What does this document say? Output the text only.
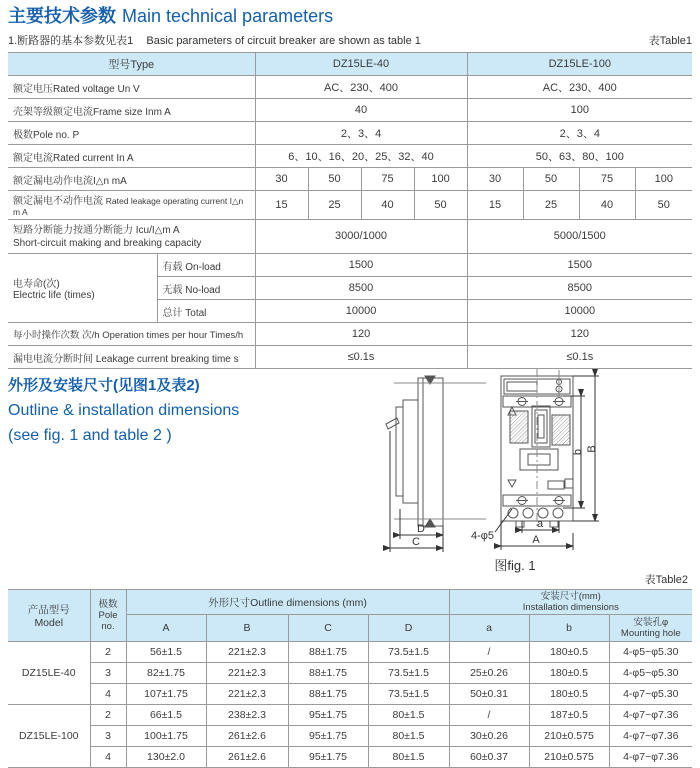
主要技术参数 Main technical parameters
1.断路器的基本参数见表1 Basic parameters of circuit breaker are shown as table 1	表Table1
型号Type		DZ15LE-40				DZ15LE-100			
额定电压Rated voltage Un V		AC、230、400				AC、230、400			
壳架等级额定电流Frame size Inm A		40				100			
极数Pole no. P		2、3、4				2、3、4			
额定电流Rated current In A		6、10、16、20、25、32、40				50、63、80、100			
额定漏电动作电流I△n mA		30	50	75	100	30	50	75	100
额定漏电不动作电流 Rated leakage operating current I△n m A		15	25	40	50	15	25	40	50
短路分断能力按通分断能力 Icu/I△m A
Short-circuit making and breaking capacity		3000/1000				5000/1500			
电寿命(次)
Electric life (times)	有载 On-load	1500				1500			
	无载 No-load	8500				8500			
	总计 Total	10000				10000			
每小时操作次数 次/h Operation times per hour Times/h		120				120			
漏电电流分断时间 Leakage current breaking time s		≤0.1s				≤0.1s			
外形及安装尺寸(见图1及表2)
Outline & installation dimensions
(see fig. 1 and table 2 )
D
C
b B
a
A
4-φ5
图fig. 1
表Table2
产品型号
Model	极数
Pole no.	外形尺寸Outline dimensions (mm)				安装尺寸(mm)
Installation dimensions		
		A	B	C	D	a	b	安装孔φ
Mounting hole
DZ15LE-40	2	56±1.5	221±2.3	88±1.75	73.5±1.5	/	180±0.5	4-φ5~φ5.30
	3	82±1.75	221±2.3	88±1.75	73.5±1.5	25±0.26	180±0.5	4-φ5~φ5.30
	4	107±1.75	221±2.3	88±1.75	73.5±1.5	50±0.31	180±0.5	4-φ7~φ5.30
DZ15LE-100	2	66±1.5	238±2.3	95±1.75	80±1.5	/	187±0.5	4-φ7~φ7.36
	3	100±1.75	261±2.6	95±1.75	80±1.5	30±0.26	210±0.575	4-φ7~φ7.36
	4	130±2.0	261±2.6	95±1.75	80±1.5	60±0.37	210±0.575	4-φ7~φ7.36
